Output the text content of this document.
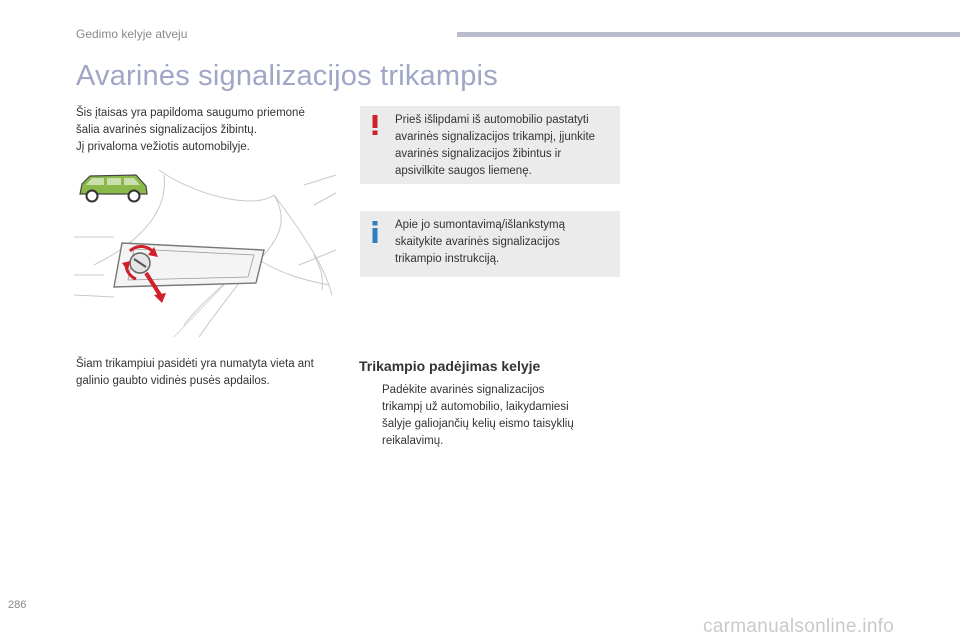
Gedimo kelyje atveju
Avarinės signalizacijos trikampis

Šis įtaisas yra papildoma saugumo priemonė

šalia avarinės signalizacijos žibintų.

Jį privaloma vežiotis automobilyje.

Prieš išlipdami iš automobilio pastatyti
avarinės signalizacijos trikampį, įjunkite
avarinės signalizacijos žibintus ir
apsivilkite saugos liemenę.
Apie jo sumontavimą/išlankstymą
skaitykite avarinės signalizacijos
trikampio instrukciją.

Šiam trikampiui pasidėti yra numatyta vieta ant

galinio gaubto vidinės pusės apdailos.

Trikampio padėjimas kelyje
Padėkite avarinės signalizacijos
trikampį už automobilio, laikydamiesi
šalyje galiojančių kelių eismo taisyklių
reikalavimų.
286
carmanualsonline.info
